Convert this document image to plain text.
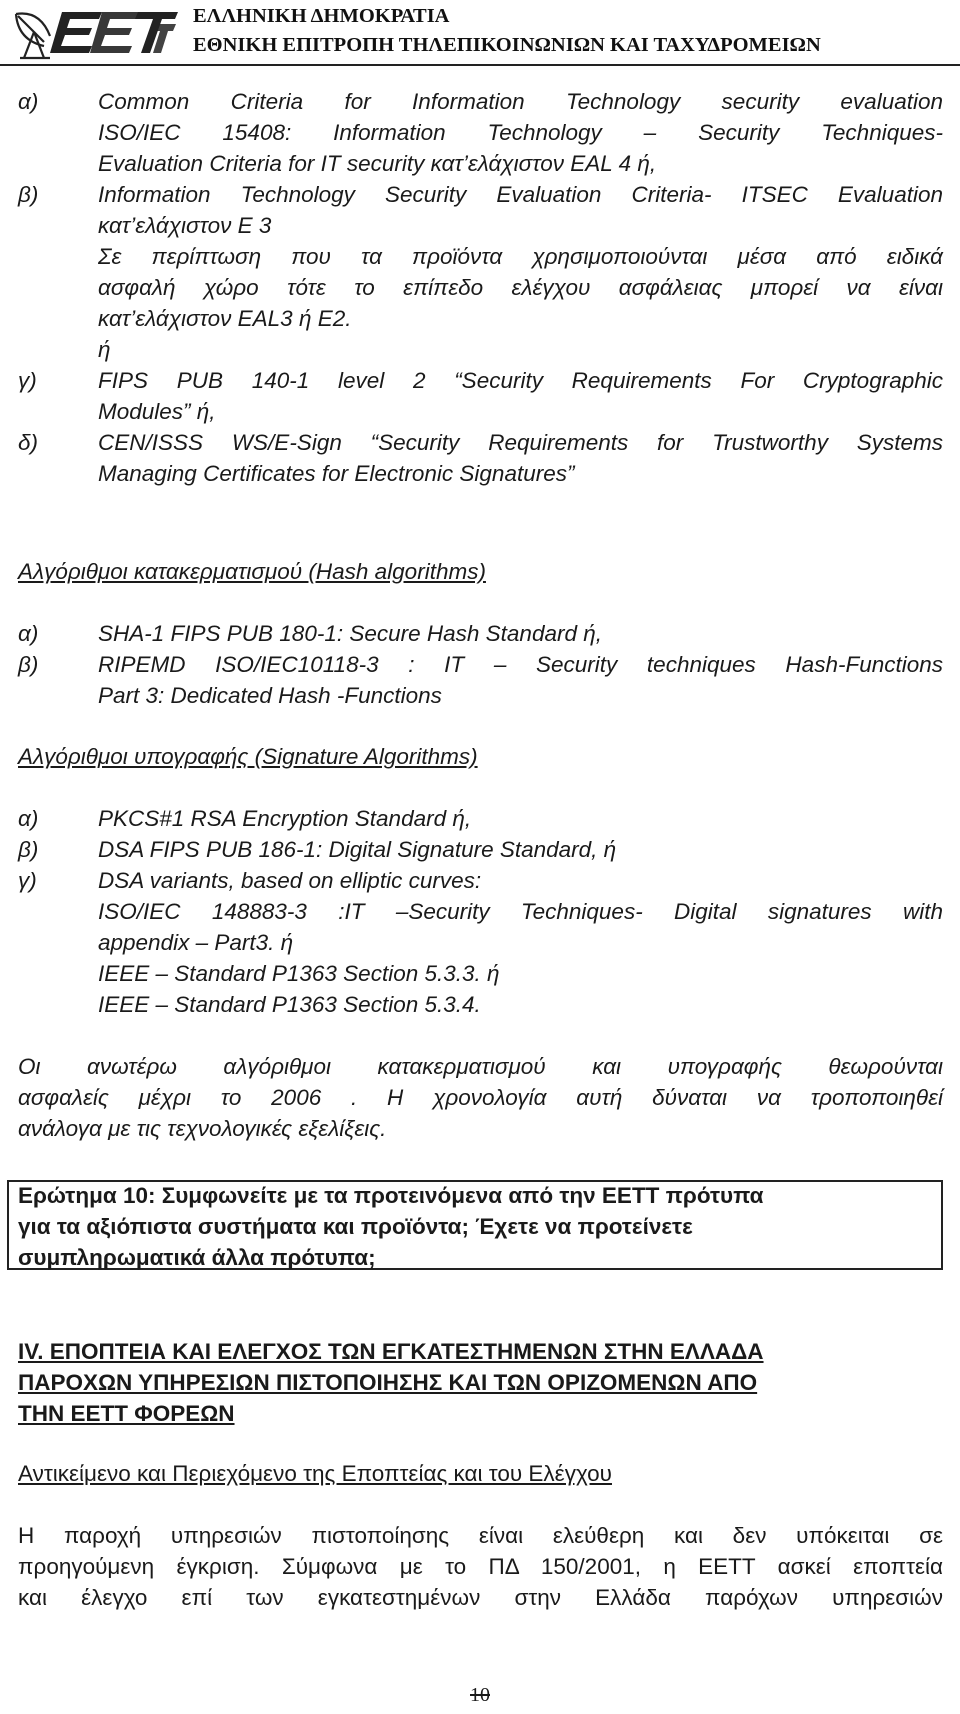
ΕΕΤΤ
ΕΛΛΗΝΙΚΗ ΔΗΜΟΚΡΑΤΙΑ
ΕΘΝΙΚΗ ΕΠΙΤΡΟΠΗ ΤΗΛΕΠΙΚΟΙΝΩΝΙΩΝ ΚΑΙ ΤΑΧΥΔΡΟΜΕΙΩΝ
α)	Common Criteria for Information Technology security evaluation
ISO/IEC 15408: Information Technology – Security Techniques-
Evaluation Criteria for IT security κατ’ελάχιστον EAL 4 ή,
β)	Information Technology Security Evaluation Criteria- ITSEC Evaluation
κατ’ελάχιστον E 3
Σε περίπτωση που τα προϊόντα χρησιμοποιούνται μέσα από ειδικά
ασφαλή χώρο τότε το επίπεδο ελέγχου ασφάλειας μπορεί να είναι
κατ’ελάχιστον EAL3 ή E2.
ή
γ)	FIPS PUB 140-1 level 2 “Security Requirements For Cryptographic
Modules” ή,
δ)	CEN/ISSS WS/E-Sign “Security Requirements for Trustworthy Systems
Managing Certificates for Electronic Signatures”
Αλγόριθμοι κατακερματισμού (Hash algorithms)
α)	SHA-1 FIPS PUB 180-1: Secure Hash Standard ή,
β)	RIPEMD ISO/IEC10118-3 : IT – Security techniques Hash-Functions
Part 3: Dedicated Hash -Functions
Αλγόριθμοι υπογραφής (Signature Algorithms)
α)	PKCS#1 RSA Encryption Standard ή,
β)	DSA FIPS PUB 186-1: Digital Signature Standard, ή
γ)	DSA variants, based on elliptic curves:
ISO/IEC 148883-3 :IT –Security Techniques- Digital signatures with
appendix – Part3. ή
IEEE – Standard P1363 Section 5.3.3. ή
IEEE – Standard P1363 Section 5.3.4.
Οι ανωτέρω αλγόριθμοι κατακερματισμού και υπογραφής θεωρούνται
ασφαλείς μέχρι το 2006 . Η χρονολογία αυτή δύναται να τροποποιηθεί
ανάλογα με τις τεχνολογικές εξελίξεις.
Ερώτημα 10: Συμφωνείτε με τα προτεινόμενα από την ΕΕΤΤ πρότυπα
για τα αξιόπιστα συστήματα και προϊόντα; Έχετε να προτείνετε
συμπληρωματικά άλλα πρότυπα;
IV. ΕΠΟΠΤΕΙΑ ΚΑΙ ΕΛΕΓΧΟΣ ΤΩΝ ΕΓΚΑΤΕΣΤΗΜΕΝΩΝ ΣΤΗΝ ΕΛΛΑΔΑ
ΠΑΡΟΧΩΝ ΥΠΗΡΕΣΙΩΝ ΠΙΣΤΟΠΟΙΗΣΗΣ ΚΑΙ ΤΩΝ ΟΡΙΖΟΜΕΝΩΝ ΑΠΟ
ΤΗΝ ΕΕΤΤ ΦΟΡΕΩΝ
Αντικείμενο και Περιεχόμενο της Εποπτείας και του Ελέγχου
Η παροχή υπηρεσιών πιστοποίησης είναι ελεύθερη και δεν υπόκειται σε
προηγούμενη έγκριση. Σύμφωνα με το ΠΔ 150/2001, η ΕΕΤΤ ασκεί εποπτεία
και έλεγχο επί των εγκατεστημένων στην Ελλάδα παρόχων υπηρεσιών
10
